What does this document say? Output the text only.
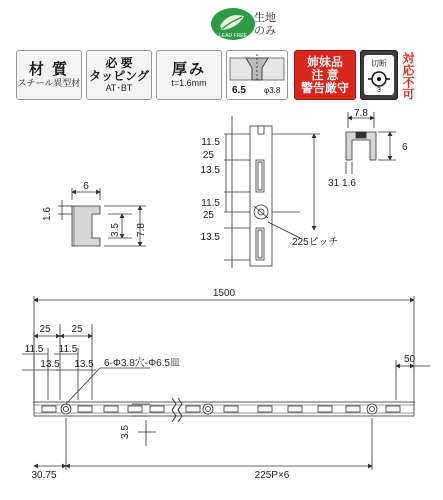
LEAD FREE
生地
のみ
材 質
スチール異型材
必 要
タッピング
AT･BT
厚み
t=1.6mm
6.5 φ3.8
姉妹品
注 意
警告厳守
切断
3 対応不可
6
1.6
3.5 7.8
11.5
25
13.5
11.5
25
13.5
31
225ピッチ
7.8
6
1.6
1500
25 25
11.5 11.5
13.5 13.5 6-Φ3.8穴-Φ6.5皿	50
3.5
30.75	225P×6
